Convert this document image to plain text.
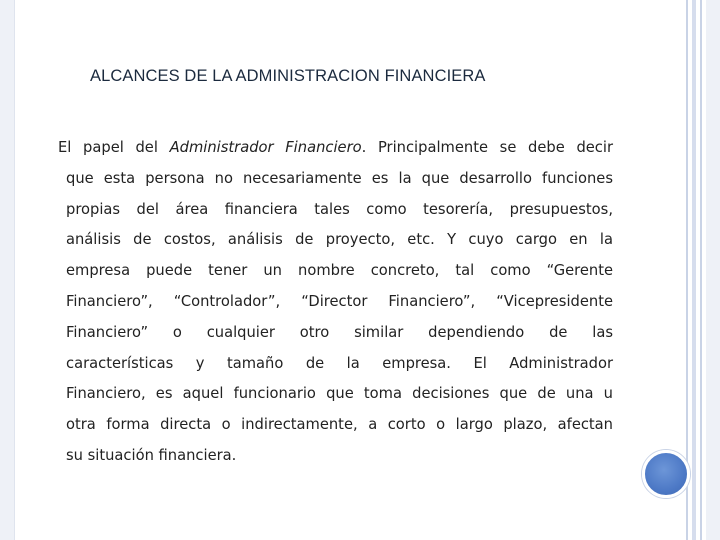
ALCANCES DE LA ADMINISTRACION FINANCIERA
El papel del Administrador Financiero. Principalmente se debe decir
que esta persona no necesariamente es la que desarrollo funciones
propias del área financiera tales como tesorería, presupuestos,
análisis de costos, análisis de proyecto, etc. Y cuyo cargo en la
empresa puede tener un nombre concreto, tal como “Gerente
Financiero”, “Controlador”, “Director Financiero”, “Vicepresidente
Financiero” o cualquier otro similar dependiendo de las
características y tamaño de la empresa. El Administrador
Financiero, es aquel funcionario que toma decisiones que de una u
otra forma directa o indirectamente, a corto o largo plazo, afectan
su situación financiera.
